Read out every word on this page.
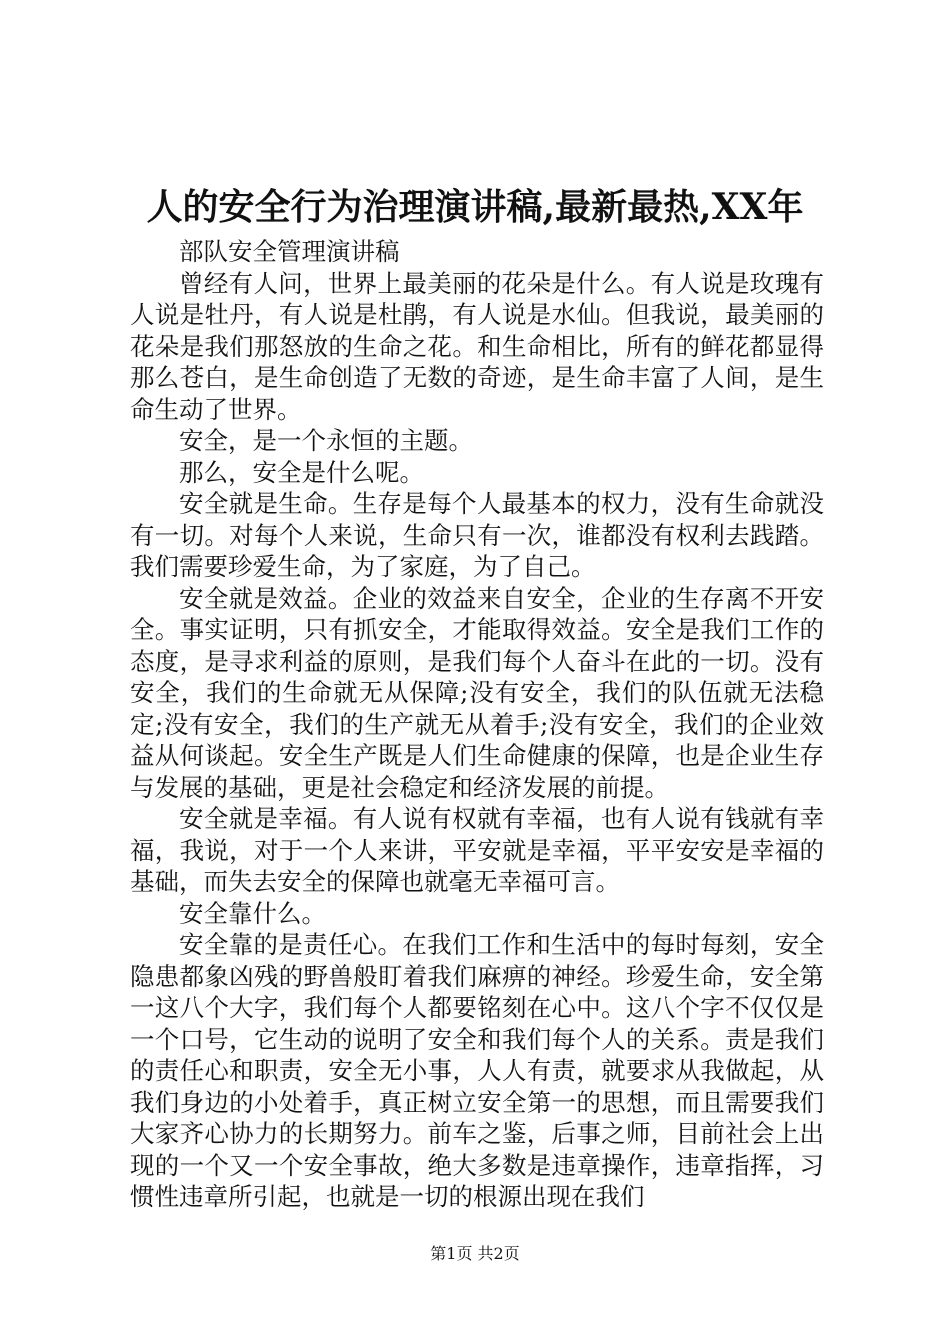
人的安全行为治理演讲稿,最新最热,XX年

部队安全管理演讲稿

曾经有人问，世界上最美丽的花朵是什么。有人说是玫瑰有人说是牡丹，有人说是杜鹃，有人说是水仙。但我说，最美丽的花朵是我们那怒放的生命之花。和生命相比，所有的鲜花都显得那么苍白，是生命创造了无数的奇迹，是生命丰富了人间，是生命生动了世界。

安全，是一个永恒的主题。

那么，安全是什么呢。

安全就是生命。生存是每个人最基本的权力，没有生命就没有一切。对每个人来说，生命只有一次，谁都没有权利去践踏。我们需要珍爱生命，为了家庭，为了自己。

安全就是效益。企业的效益来自安全，企业的生存离不开安全。事实证明，只有抓安全，才能取得效益。安全是我们工作的态度，是寻求利益的原则，是我们每个人奋斗在此的一切。没有安全，我们的生命就无从保障;没有安全，我们的队伍就无法稳定;没有安全，我们的生产就无从着手;没有安全，我们的企业效益从何谈起。安全生产既是人们生命健康的保障，也是企业生存与发展的基础，更是社会稳定和经济发展的前提。

安全就是幸福。有人说有权就有幸福，也有人说有钱就有幸福，我说，对于一个人来讲，平安就是幸福，平平安安是幸福的基础，而失去安全的保障也就毫无幸福可言。

安全靠什么。

安全靠的是责任心。在我们工作和生活中的每时每刻，安全隐患都象凶残的野兽般盯着我们麻痹的神经。珍爱生命，安全第一这八个大字，我们每个人都要铭刻在心中。这八个字不仅仅是一个口号，它生动的说明了安全和我们每个人的关系。责是我们的责任心和职责，安全无小事，人人有责，就要求从我做起，从我们身边的小处着手，真正树立安全第一的思想，而且需要我们大家齐心协力的长期努力。前车之鉴，后事之师，目前社会上出现的一个又一个安全事故，绝大多数是违章操作，违章指挥，习惯性违章所引起，也就是一切的根源出现在我们

第1页 共2页
